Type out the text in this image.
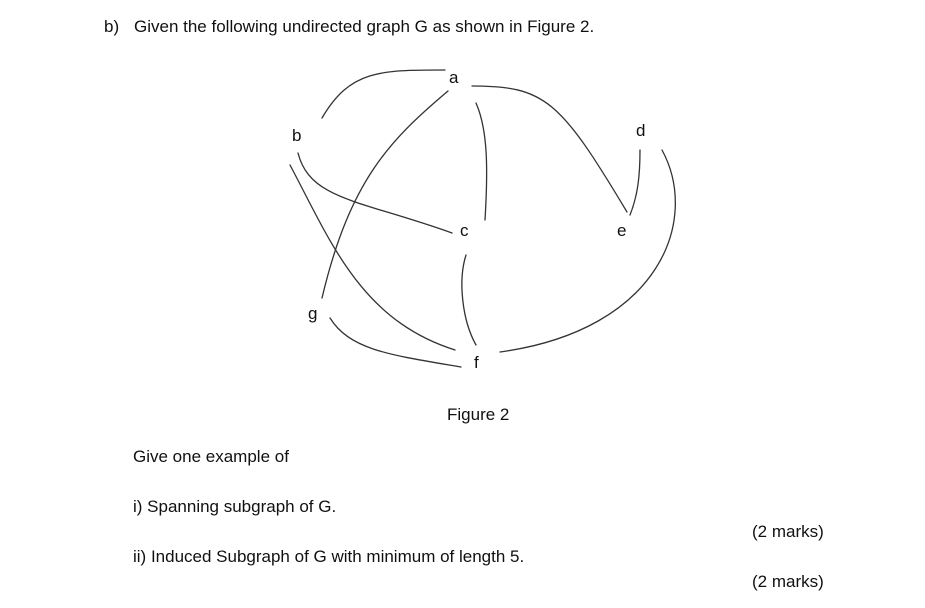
b) Given the following undirected graph G as shown in Figure 2.
a
b
c
d
e
f
g
Figure 2
Give one example of
i) Spanning subgraph of G.
(2 marks)
ii) Induced Subgraph of G with minimum of length 5.
(2 marks)
